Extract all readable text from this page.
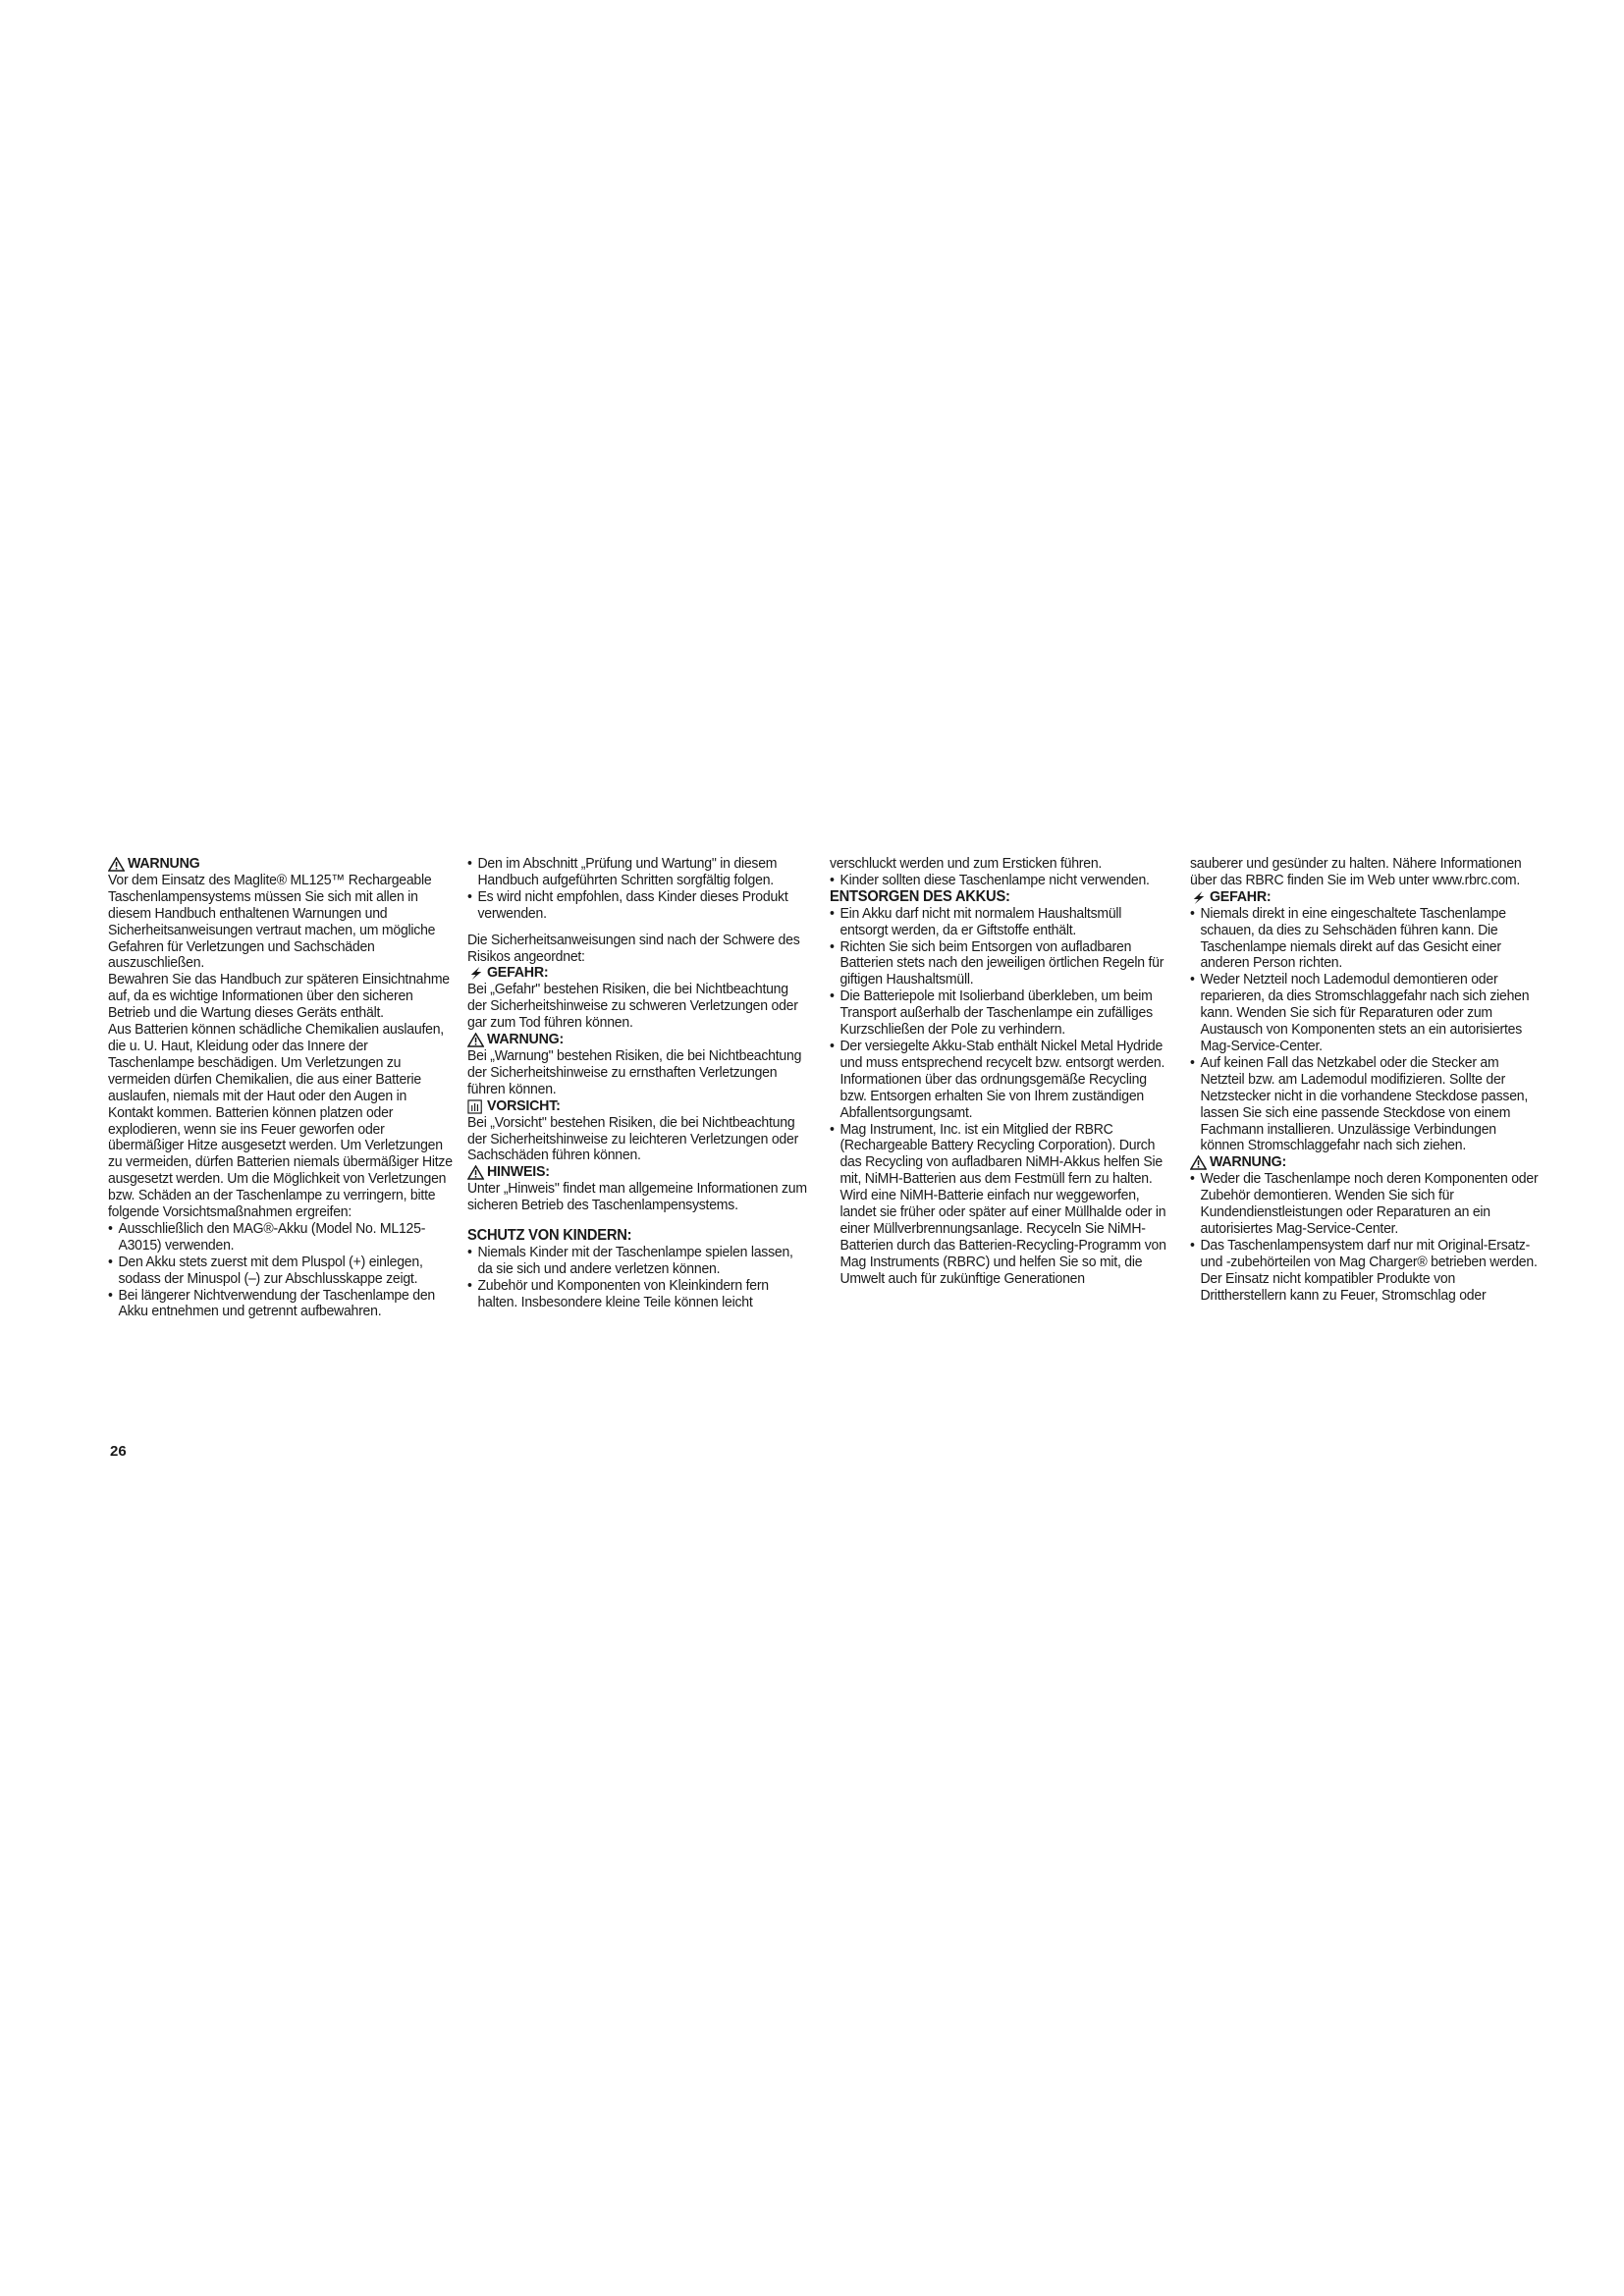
WARNUNG

Vor dem Einsatz des Maglite® ML125™ Rechargeable Taschenlampensystems müssen Sie sich mit allen in diesem Handbuch enthaltenen Warnungen und Sicherheitsanweisungen vertraut machen, um mögliche Gefahren für Verletzungen und Sachschäden auszuschließen.

Bewahren Sie das Handbuch zur späteren Einsichtnahme auf, da es wichtige Informationen über den sicheren Betrieb und die Wartung dieses Geräts enthält.

Aus Batterien können schädliche Chemikalien auslaufen, die u. U. Haut, Kleidung oder das Innere der Taschenlampe beschädigen. Um Verletzungen zu vermeiden dürfen Chemikalien, die aus einer Batterie auslaufen, niemals mit der Haut oder den Augen in Kontakt kommen. Batterien können platzen oder explodieren, wenn sie ins Feuer geworfen oder übermäßiger Hitze ausgesetzt werden. Um Verletzungen zu vermeiden, dürfen Batterien niemals übermäßiger Hitze ausgesetzt werden. Um die Möglichkeit von Verletzungen bzw. Schäden an der Taschenlampe zu verringern, bitte folgende Vorsichtsmaßnahmen ergreifen:

• Ausschließlich den MAG®-Akku (Model No. ML125-A3015) verwenden.
• Den Akku stets zuerst mit dem Pluspol (+) einlegen, sodass der Minuspol (–) zur Abschlusskappe zeigt.
• Bei längerer Nichtverwendung der Taschenlampe den Akku entnehmen und getrennt aufbewahren.
• Den im Abschnitt „Prüfung und Wartung" in diesem Handbuch aufgeführten Schritten sorgfältig folgen.
• Es wird nicht empfohlen, dass Kinder dieses Produkt verwenden.

Die Sicherheitsanweisungen sind nach der Schwere des Risikos angeordnet:

GEFAHR:

Bei „Gefahr" bestehen Risiken, die bei Nichtbeachtung der Sicherheitshinweise zu schweren Verletzungen oder gar zum Tod führen können.

WARNUNG:

Bei „Warnung" bestehen Risiken, die bei Nichtbeachtung der Sicherheitshinweise zu ernsthaften Verletzungen führen können.

VORSICHT:

Bei „Vorsicht" bestehen Risiken, die bei Nichtbeachtung der Sicherheitshinweise zu leichteren Verletzungen oder Sachschäden führen können.

HINWEIS:

Unter „Hinweis" findet man allgemeine Informationen zum sicheren Betrieb des Taschenlampensystems.

SCHUTZ VON KINDERN:

• Niemals Kinder mit der Taschenlampe spielen lassen, da sie sich und andere verletzen können.
• Zubehör und Komponenten von Kleinkindern fern halten. Insbesondere kleine Teile können leicht

verschluckt werden und zum Ersticken führen.

• Kinder sollten diese Taschenlampe nicht verwenden.

ENTSORGEN DES AKKUS:

• Ein Akku darf nicht mit normalem Haushaltsmüll entsorgt werden, da er Giftstoffe enthält.
• Richten Sie sich beim Entsorgen von aufladbaren Batterien stets nach den jeweiligen örtlichen Regeln für giftigen Haushaltsmüll.
• Die Batteriepole mit Isolierband überkleben, um beim Transport außerhalb der Taschenlampe ein zufälliges Kurzschließen der Pole zu verhindern.
• Der versiegelte Akku-Stab enthält Nickel Metal Hydride und muss entsprechend recycelt bzw. entsorgt werden. Informationen über das ordnungsgemäße Recycling bzw. Entsorgen erhalten Sie von Ihrem zuständigen Abfallentsorgungsamt.
• Mag Instrument, Inc. ist ein Mitglied der RBRC (Rechargeable Battery Recycling Corporation). Durch das Recycling von aufladbaren NiMH-Akkus helfen Sie mit, NiMH-Batterien aus dem Festmüll fern zu halten. Wird eine NiMH-Batterie einfach nur weggeworfen, landet sie früher oder später auf einer Müllhalde oder in einer Müllverbrennungsanlage. Recyceln Sie NiMH-Batterien durch das Batterien-Recycling-Programm von Mag Instruments (RBRC) und helfen Sie so mit, die Umwelt auch für zukünftige Generationen

sauberer und gesünder zu halten. Nähere Informationen über das RBRC finden Sie im Web unter www.rbrc.com.

GEFAHR:

• Niemals direkt in eine eingeschaltete Taschenlampe schauen, da dies zu Sehschäden führen kann. Die Taschenlampe niemals direkt auf das Gesicht einer anderen Person richten.
• Weder Netzteil noch Lademodul demontieren oder reparieren, da dies Stromschlaggefahr nach sich ziehen kann. Wenden Sie sich für Reparaturen oder zum Austausch von Komponenten stets an ein autorisiertes Mag-Service-Center.
• Auf keinen Fall das Netzkabel oder die Stecker am Netzteil bzw. am Lademodul modifizieren. Sollte der Netzstecker nicht in die vorhandene Steckdose passen, lassen Sie sich eine passende Steckdose von einem Fachmann installieren. Unzulässige Verbindungen können Stromschlaggefahr nach sich ziehen.

WARNUNG:

• Weder die Taschenlampe noch deren Komponenten oder Zubehör demontieren. Wenden Sie sich für Kundendienstleistungen oder Reparaturen an ein autorisiertes Mag-Service-Center.
• Das Taschenlampensystem darf nur mit Original-Ersatz- und -zubehörteilen von Mag Charger® betrieben werden. Der Einsatz nicht kompatibler Produkte von Drittherstellern kann zu Feuer, Stromschlag oder
26
